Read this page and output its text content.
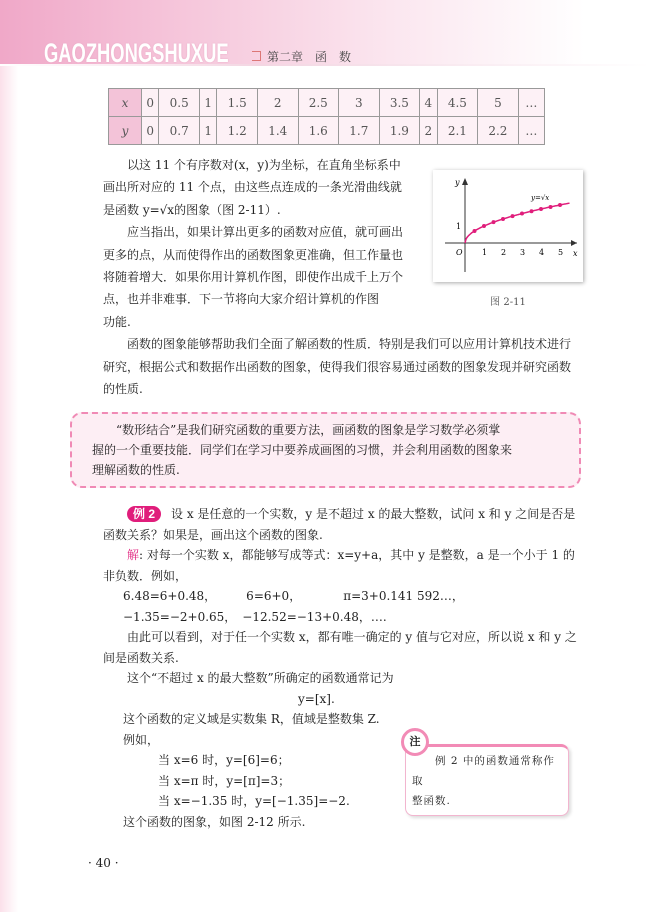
GAOZHONGSHUXUE	第二章　函　数
x	0	0.5	1	1.5	2	2.5	3	3.5	4	4.5	5	…
y	0	0.7	1	1.2	1.4	1.6	1.7	1.9	2	2.1	2.2	…
y
x
O
y=√x
1
1 2 3 4 5
图 2-11
以这 11 个有序数对(x，y)为坐标，在直角坐标系中
画出所对应的 11 个点，由这些点连成的一条光滑曲线就
是函数 y=√x的图象（图 2-11）.
应当指出，如果计算出更多的函数对应值，就可画出
更多的点，从而使得作出的函数图象更准确，但工作量也
将随着增大．如果你用计算机作图，即使作出成千上万个
点，也并非难事．下一节将向大家介绍计算机的作图
功能.
函数的图象能够帮助我们全面了解函数的性质．特别是我们可以应用计算机技术进行
研究，根据公式和数据作出函数的图象，使得我们很容易通过函数的图象发现并研究函数
的性质.
“数形结合”是我们研究函数的重要方法，画函数的图象是学习数学必须掌
握的一个重要技能．同学们在学习中要养成画图的习惯，并会利用函数的图象来
理解函数的性质.
例 2 设 x 是任意的一个实数，y 是不超过 x 的最大整数，试问 x 和 y 之间是否是
函数关系？如果是，画出这个函数的图象.
解: 对每一个实数 x，都能够写成等式：x=y+a，其中 y 是整数，a 是一个小于 1 的
非负数．例如，
6.48=6+0.48，　　　6=6+0，　　　　π=3+0.141 592…，
−1.35=−2+0.65，　−12.52=−13+0.48，….
由此可以看到，对于任一个实数 x，都有唯一确定的 y 值与它对应，所以说 x 和 y 之
间是函数关系.
这个“不超过 x 的最大整数”所确定的函数通常记为
y=[x].
这个函数的定义域是实数集 R，值域是整数集 Z.
注
　　例 2 中的函数通常称作取
整函数.
例如，
当 x=6 时，y=[6]=6；
当 x=π 时，y=[π]=3；
当 x=−1.35 时，y=[−1.35]=−2.
这个函数的图象，如图 2-12 所示.
· 40 ·
